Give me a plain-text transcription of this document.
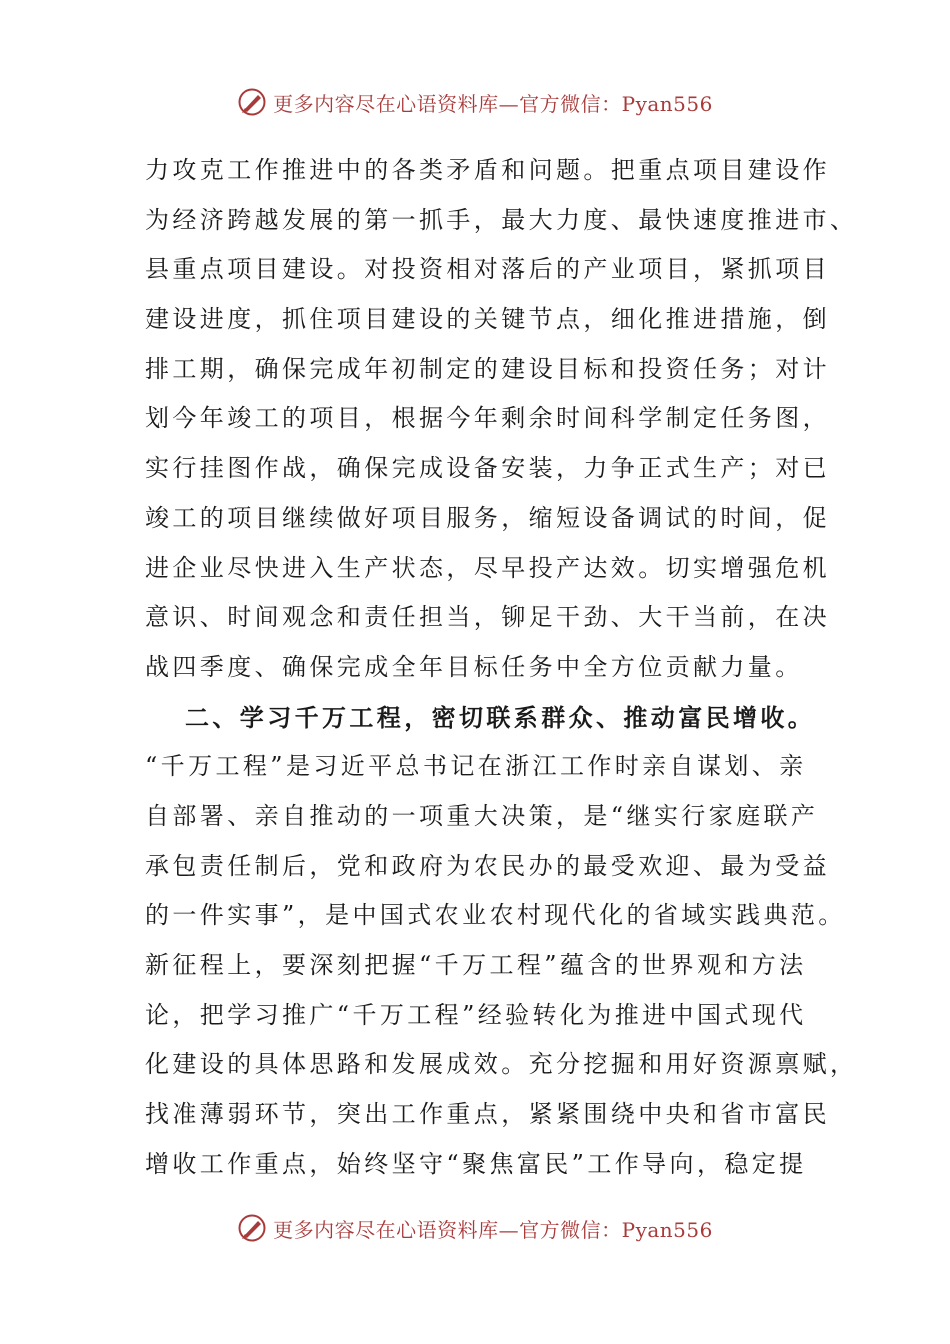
更多内容尽在心语资料库—官方微信：Pyan556
力攻克工作推进中的各类矛盾和问题。把重点项目建设作
为经济跨越发展的第一抓手，最大力度、最快速度推进市、
县重点项目建设。对投资相对落后的产业项目，紧抓项目
建设进度，抓住项目建设的关键节点，细化推进措施，倒
排工期，确保完成年初制定的建设目标和投资任务；对计
划今年竣工的项目，根据今年剩余时间科学制定任务图，
实行挂图作战，确保完成设备安装，力争正式生产；对已
竣工的项目继续做好项目服务，缩短设备调试的时间，促
进企业尽快进入生产状态，尽早投产达效。切实增强危机
意识、时间观念和责任担当，铆足干劲、大干当前，在决
战四季度、确保完成全年目标任务中全方位贡献力量。
二、学习千万工程，密切联系群众、推动富民增收。
“千万工程”是习近平总书记在浙江工作时亲自谋划、亲
自部署、亲自推动的一项重大决策，是“继实行家庭联产
承包责任制后，党和政府为农民办的最受欢迎、最为受益
的一件实事”，是中国式农业农村现代化的省域实践典范。
新征程上，要深刻把握“千万工程”蕴含的世界观和方法
论，把学习推广“千万工程”经验转化为推进中国式现代
化建设的具体思路和发展成效。充分挖掘和用好资源禀赋，
找准薄弱环节，突出工作重点，紧紧围绕中央和省市富民
增收工作重点，始终坚守“聚焦富民”工作导向，稳定提
更多内容尽在心语资料库—官方微信：Pyan556
